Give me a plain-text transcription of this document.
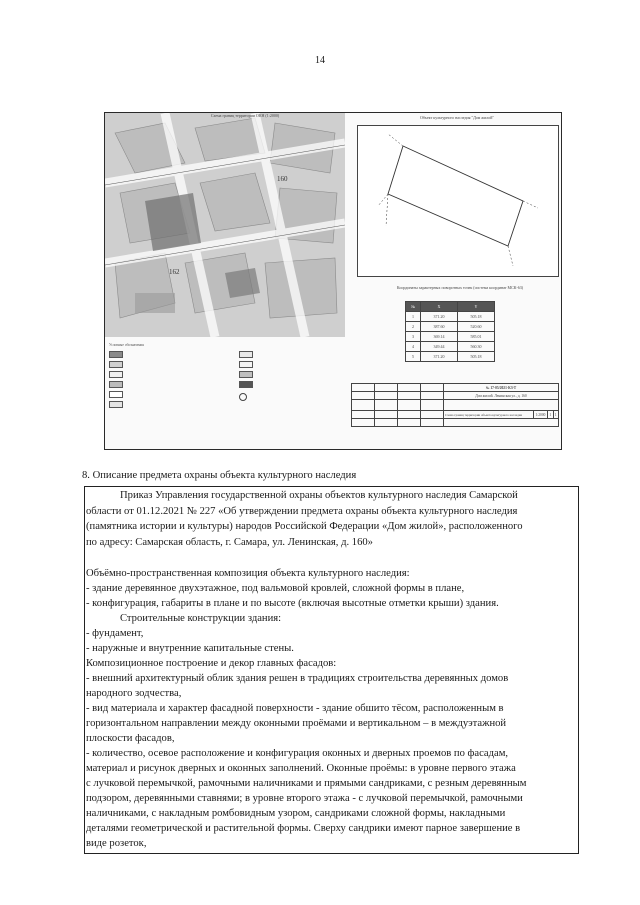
14
160
162
Схема границ территории ОКН (1:2000)	Объект культурного наследия "Дом жилой"
Координаты характерных поворотных точек (система координат МСК-63)
№	X	Y
1	371.20	505.18
2	387.60	520.60
3	369.14	585.01
4	349.44	560.30
5	371.20	505.18
Условные обозначения
				№ 17-05/2021-КЗ-Т			
				Дом жилой. Ленинская ул., д. 160			

				Схема границ территории объекта культурного наследия	1:2000	1	1

8. Описание предмета охраны объекта культурного наследия
Приказ Управления государственной охраны объектов культурного наследия Самарской
области от 01.12.2021 № 227 «Об утверждении предмета охраны объекта культурного наследия
(памятника истории и культуры) народов Российской Федерации «Дом жилой», расположенного
по адресу: Самарская область, г. Самара, ул. Ленинская, д. 160»
Объёмно-пространственная композиция объекта культурного наследия:
- здание деревянное двухэтажное, под вальмовой кровлей, сложной формы в плане,
- конфигурация, габариты в плане и по высоте (включая высотные отметки крыши) здания.
Строительные конструкции здания:
- фундамент,
- наружные и внутренние капитальные стены.
Композиционное построение и декор главных фасадов:
- внешний архитектурный облик здания решен в традициях строительства деревянных домов
народного зодчества,
- вид материала и характер фасадной поверхности - здание обшито тёсом, расположенным в
горизонтальном направлении между оконными проёмами и вертикальном – в междуэтажной
плоскости фасадов,
- количество, осевое расположение и конфигурация оконных и дверных проемов по фасадам,
материал и рисунок дверных и оконных заполнений. Оконные проёмы: в уровне первого этажа
с лучковой перемычкой, рамочными наличниками и прямыми сандриками, с резным деревянным
подзором, деревянными ставнями; в уровне второго этажа - с лучковой перемычкой, рамочными
наличниками, с накладным ромбовидным узором, сандриками сложной формы, накладными
деталями геометрической и растительной формы. Сверху сандрики имеют парное завершение в
виде розеток,
